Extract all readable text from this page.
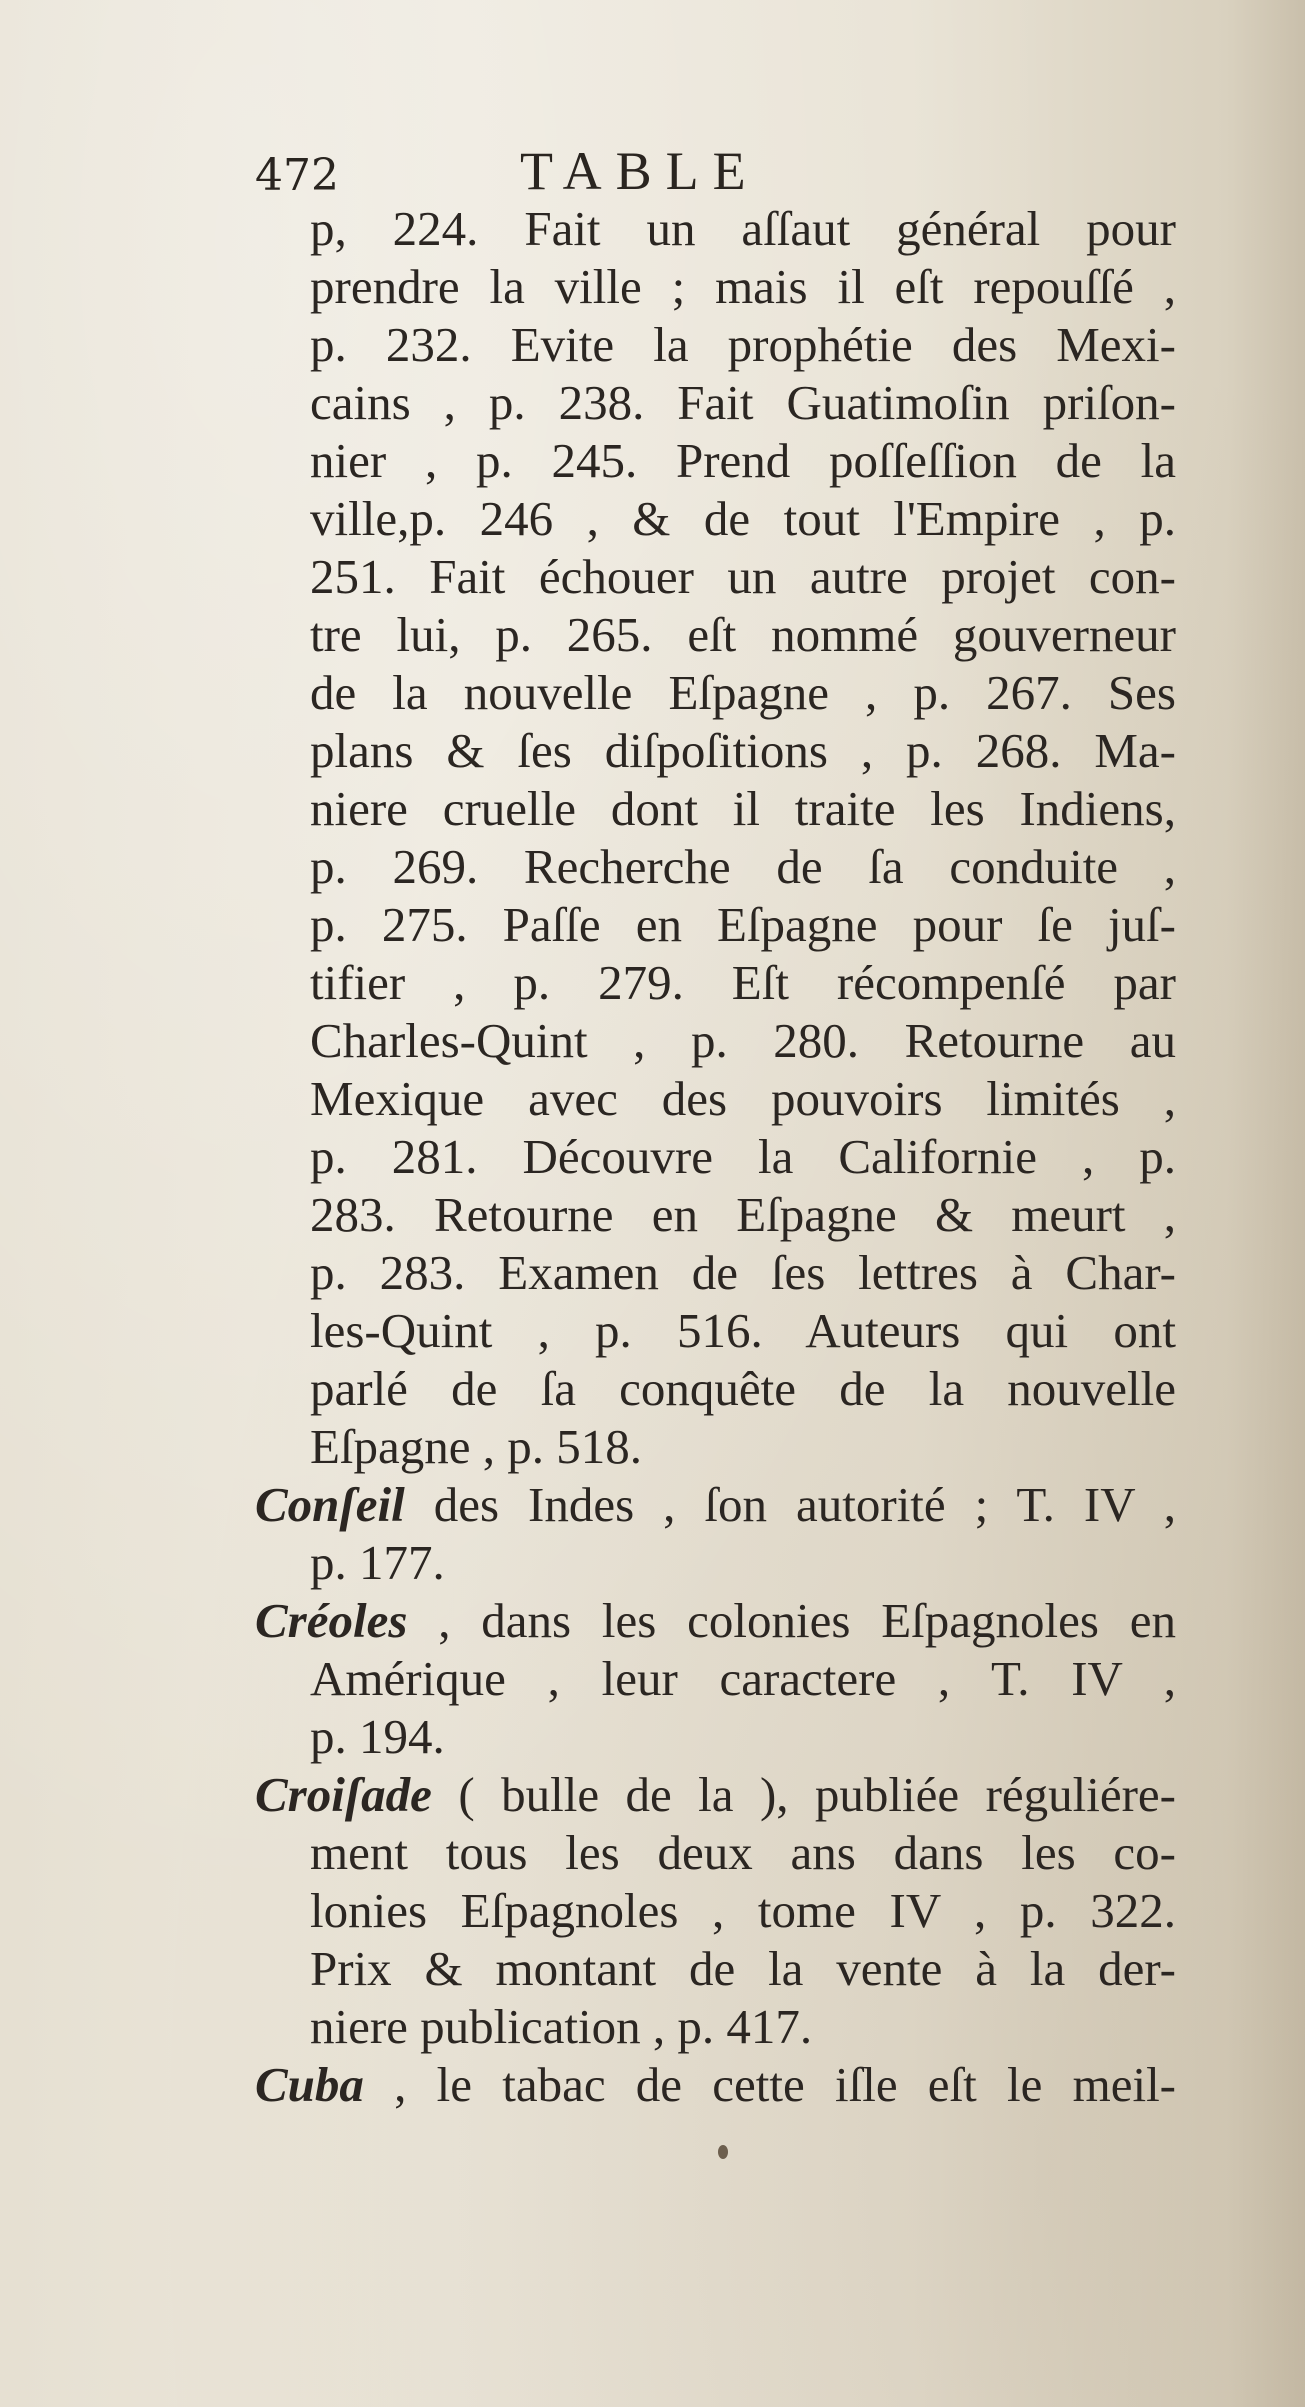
472	TABLE
p, 224. Fait un aſſaut général pour
prendre la ville ; mais il eſt repouſſé ,
p. 232. Evite la prophétie des Mexi-
cains , p. 238. Fait Guatimoſin priſon-
nier , p. 245. Prend poſſeſſion de la
ville,p. 246 , & de tout l'Empire , p.
251. Fait échouer un autre projet con-
tre lui, p. 265. eſt nommé gouverneur
de la nouvelle Eſpagne , p. 267. Ses
plans & ſes diſpoſitions , p. 268. Ma-
niere cruelle dont il traite les Indiens,
p. 269. Recherche de ſa conduite ,
p. 275. Paſſe en Eſpagne pour ſe juſ-
tifier , p. 279. Eſt récompenſé par
Charles-Quint , p. 280. Retourne au
Mexique avec des pouvoirs limités ,
p. 281. Découvre la Californie , p.
283. Retourne en Eſpagne & meurt ,
p. 283. Examen de ſes lettres à Char-
les-Quint , p. 516. Auteurs qui ont
parlé de ſa conquête de la nouvelle
Eſpagne , p. 518.
Conſeil des Indes , ſon autorité ; T. IV ,
p. 177.
Créoles , dans les colonies Eſpagnoles en
Amérique , leur caractere , T. IV ,
p. 194.
Croiſade ( bulle de la ), publiée réguliére-
ment tous les deux ans dans les co-
lonies Eſpagnoles , tome IV , p. 322.
Prix & montant de la vente à la der-
niere publication , p. 417.
Cuba , le tabac de cette iſle eſt le meil-
